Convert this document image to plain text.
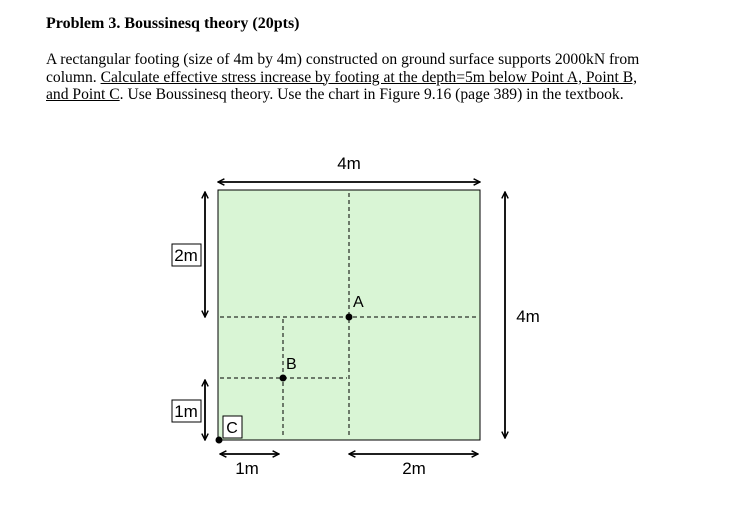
Problem 3. Boussinesq theory (20pts)
A rectangular footing (size of 4m by 4m) constructed on ground surface supports 2000kN from
column. Calculate effective stress increase by footing at the depth=5m below Point A, Point B,
and Point C. Use Boussinesq theory. Use the chart in Figure 9.16 (page 389) in the textbook.
4m
4m
2m
1m
1m	2m
A
B
C
